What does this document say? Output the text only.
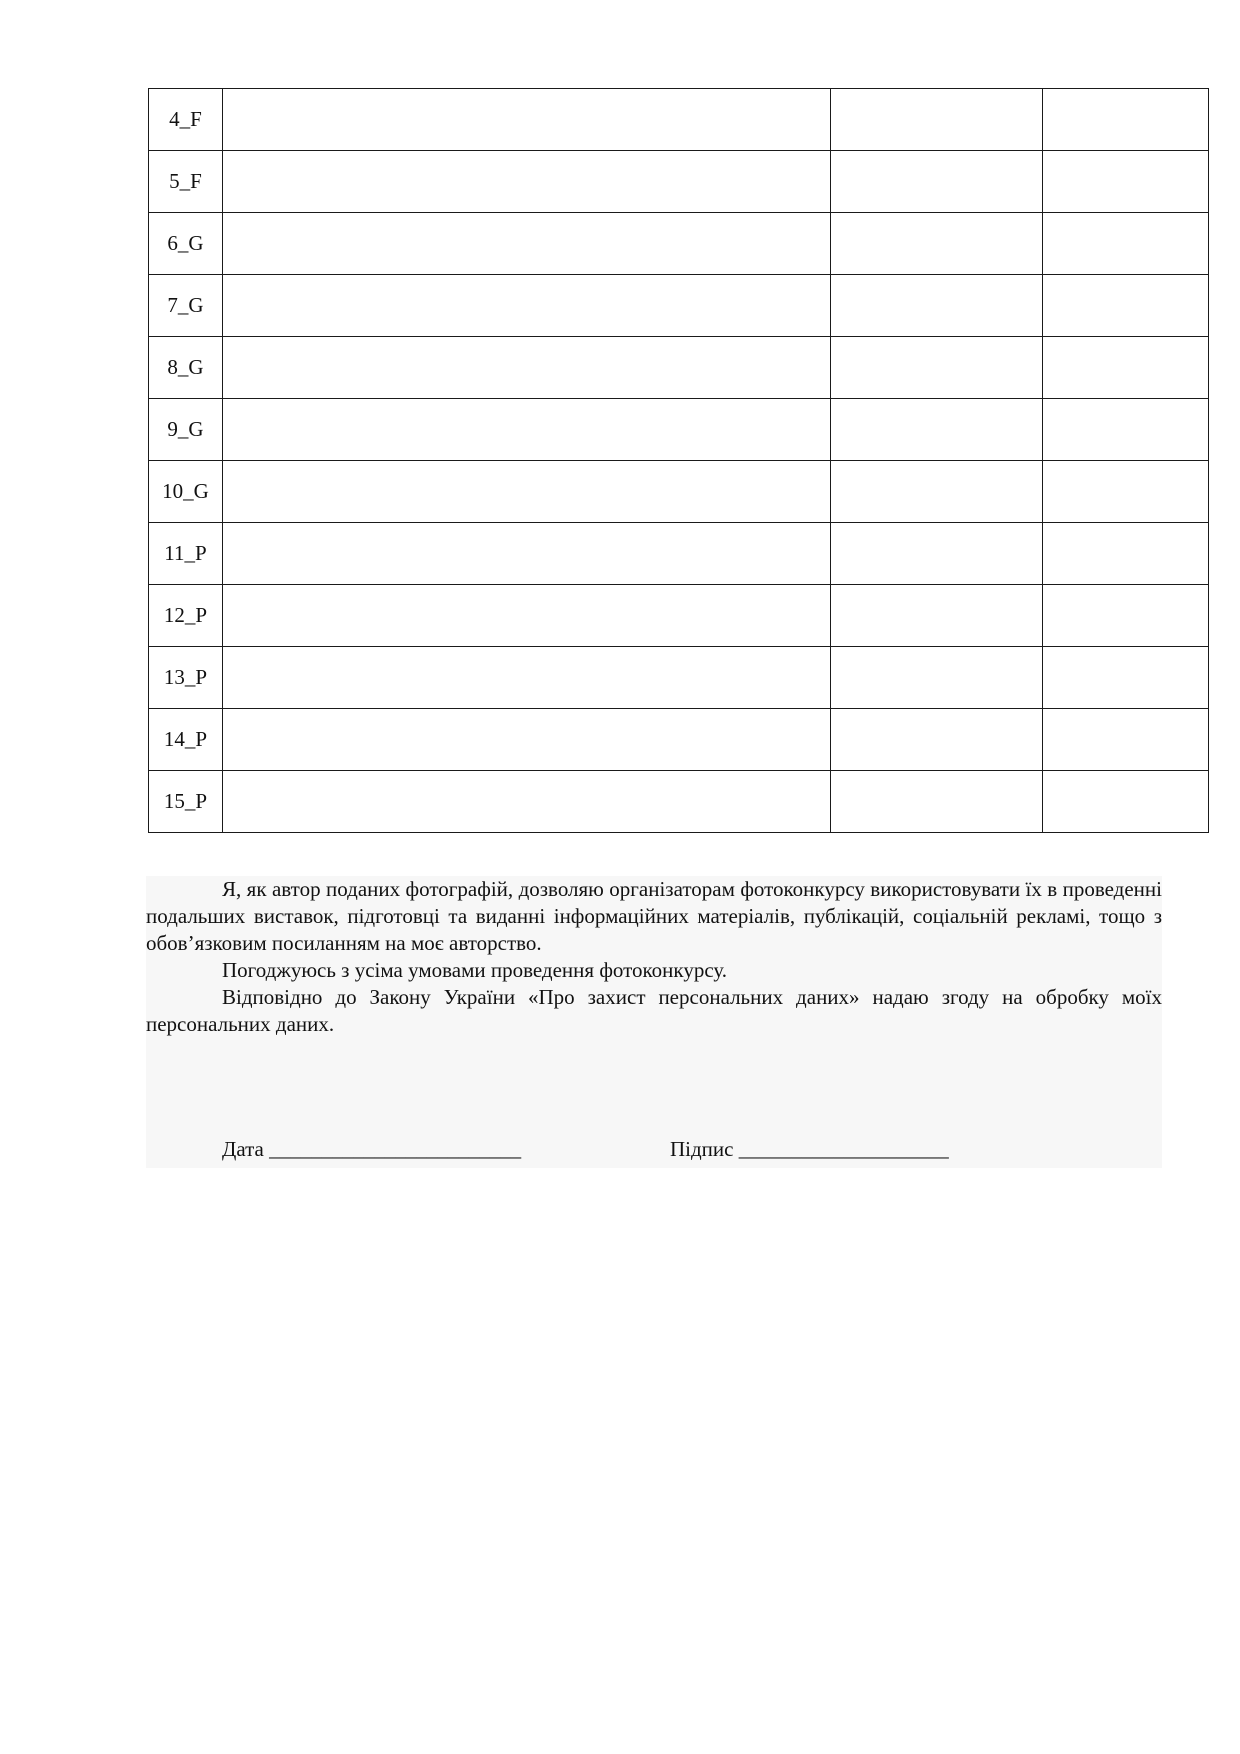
4_F			
5_F			
6_G			
7_G			
8_G			
9_G			
10_G			
11_P			
12_P			
13_P			
14_P			
15_P			

Я, як автор поданих фотографій, дозволяю організаторам фотоконкурсу використовувати їх в проведенні подальших виставок, підготовці та виданні інформаційних матеріалів, публікацій, соціальній рекламі, тощо з обов’язковим посиланням на моє авторство.

Погоджуюсь з усіма умовами проведення фотоконкурсу.

Відповідно до Закону України «Про захист персональних даних» надаю згоду на обробку моїх персональних даних.

Дата ________________________	Підпис ____________________
